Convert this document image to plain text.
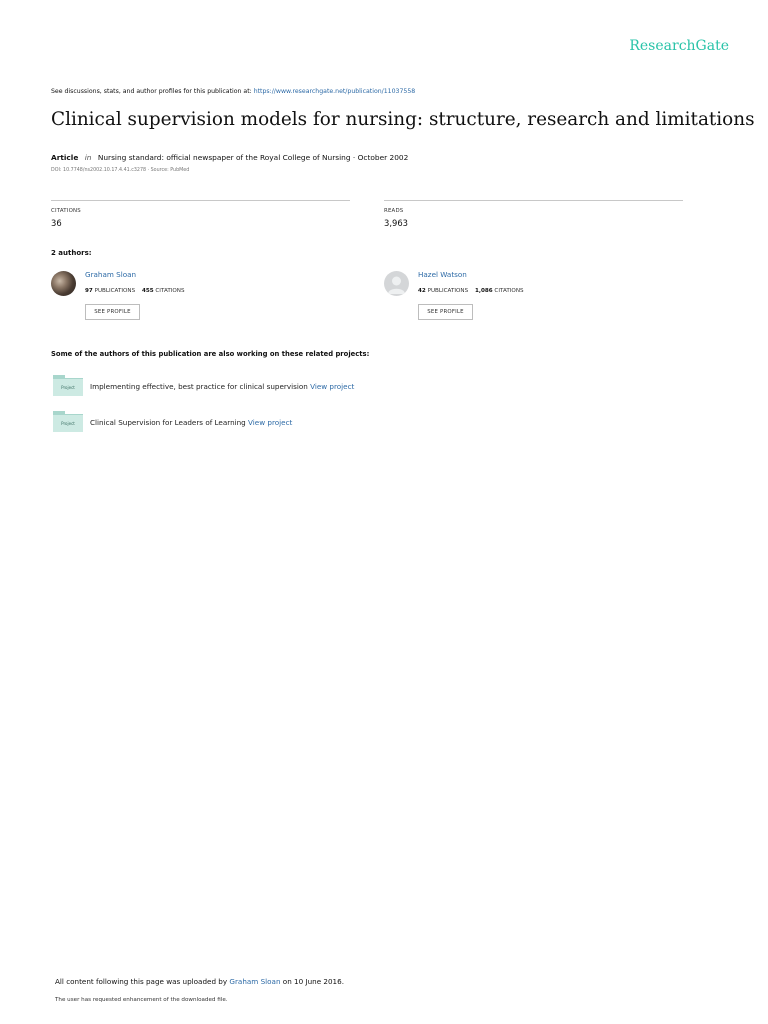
ResearchGate
See discussions, stats, and author profiles for this publication at: https://www.researchgate.net/publication/11037558
Clinical supervision models for nursing: structure, research and limitations
Article in Nursing standard: official newspaper of the Royal College of Nursing · October 2002
DOI: 10.7748/ns2002.10.17.4.41.c3278 · Source: PubMed
CITATIONS
36
READS
3,963
2 authors:
Graham Sloan
97 PUBLICATIONS 455 CITATIONS
SEE PROFILE
Hazel Watson
42 PUBLICATIONS 1,086 CITATIONS
SEE PROFILE
Some of the authors of this publication are also working on these related projects:
Project	Implementing effective, best practice for clinical supervision View project
Project	Clinical Supervision for Leaders of Learning View project
All content following this page was uploaded by Graham Sloan on 10 June 2016.
The user has requested enhancement of the downloaded file.
